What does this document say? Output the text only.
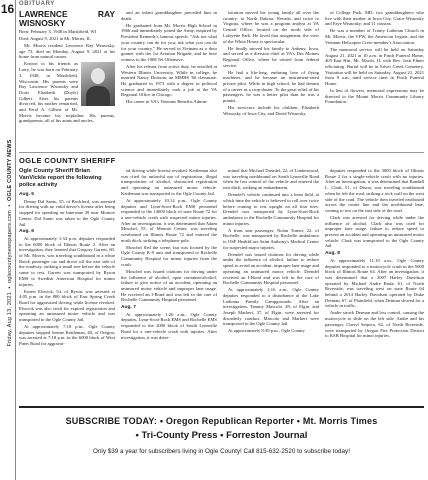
16
Friday, Aug 13, 2021  •  oglecountynewspapers.com  •  OGLE COUNTY NEWS
OBITUARY
LAWRENCE RAY WISNOSKY

Born: February 3, 1948 in Marshfield, WI

Died: August 9, 2021 in Mt. Morris, IL

Mt. Morris resident Lawrence Ray Wisnosky, age 73, died on Monday, August 9, 2021 at his home from natural causes.

Known to his friends as Larry, he was born on February 3, 1948, in Marshfield, Wisconsin. His parents were Ray Lawrence Wisnosky and Doris Elizabeth (Doyle) Gilbert. After his parents divorced, his mother remarried, and Feral A. Gilbert of Mt. Morris became his stepfather. His parents, grandparents, all of his aunts and uncles,

and an infant granddaughter preceded him in death.

He graduated from Mt. Morris High School in 1966 and immediately joined the Army, inspired by President Kennedy's famous speech: "Ask not what your country can do for you; ask what you can do for your country." He served in Vietnam as a door gunner with the 1st Aviation Brigade, and he bore witness to the 1968 Tet Offensive.

After his release from active duty, he enrolled at Western Illinois University. While in college, he married Nancy Dickson, an MMHS '66 classmate. He graduated in 1973 with a degree in political science and immediately took a job at the VA Regional Office in Chicago.

His career in VA's Veterans Benefits Admin-

istration moved his young family all over the country: to North Dakota, Nevada, and twice to Virginia, where he was a program analyst at VA Central Office, located on the north side of Lafayette Park. He loved that assignment; the view of the White House is spectacular.

He finally moved his family to Ankeny, Iowa, and served as a division chief at VA's Des Moines Regional Office, where he retired from federal service.

He had a life-long, enduring love of flying machines, and he became an instrument-rated private pilot. While in high school, he had dreamt of a career as a crop-duster. To the great relief of his passengers, he was a better pilot than he was a pianist.

His survivors include his children, Elizabeth Wisnosky of Iowa City, and David Wisnosky

of College Park, MD; two granddaughters who live with their mother in Iowa City, Grace Wisnosky and Faye Wisnosky; and 11 cousins.

He was a member of Trinity Lutheran Church in Mt. Morris, the VFW, the American Legion, and the Vietnam Helicopter Crew-member's Association.

The memorial service will be held on Saturday August 21, 2021 at 10 a.m. in Finch Funeral Home, 405 East Hitt, Mt. Morris, IL with Rev. Josh Elmer officiating. Burial will be in Silver Creek Cemetery. Visitation will be held on Saturday, August 21, 2021 from 9 a.m. until service time in Finch Funeral Home.

In lieu of flowers, memorial expressions may be directed to the Mount Morris Community Library Foundation.

OGLE COUNTY SHERIFF
Ogle County Sheriff Brian VanVickle report the following police activity
Aug. 5

Denny Dal Santo, 55, of Rockford, was arrested for driving with no valid driver's license after being stopped for speeding on Interstate 39 near Monroe Center. Dal Santo was taken to the Ogle County Jail.

Aug. 6

At approximately 1:34 p.m. deputies responded to the 6000 block of Illinois Route 2. After an investigation, they learned that Gregory Garrett, 60, of Mt. Morris, was traveling southbound in a white Buick passenger car and drove off the east side of the roadway, striking a small tree before the vehicle came to rest. Garrett was transported by Byron EMS to Swedish American Hospital for minor injuries.

Ernest Elswick, 54, of Byron, was arrested at 4:05 p.m. in the 800 block of East Spring Creek Road for aggravated driving while license revoked. Elswick was also cited for expired registration and operating an uninsured motor vehicle and was transported to the Ogle County Jail.

At approximately 7:18 p.m., Ogle County deputies stopped Jerime Kettleman, 40, of Oregon, was arrested at 7:18 p.m. in the 6000 block of West Pines Road for aggravat-

ed driving while license revoked. Kettleman also was cited for unlawful use of registration, illegal transportation of alcohol, obstructed registration and operating an uninsured motor vehicle. Kettleman was transported to the Ogle County Jail.

At approximately 10:14 p.m., Ogle County deputies and Lynn-Scott-Rock EMS personnel responded to the 14000 block of state Route 72 for a one-vehicle crash with suspected minor injuries. After an investigation, it was determined that Adam Moschel, 55, of Monroe Center, was traveling westbound on Illinois Route 72 and entered the north ditch, striking a telephone pole.

Moschel fled the scene, but was located by the Ogle County K-9 unit and transported to Rochelle Community Hospital for minor injuries from the crash.

Moschel was issued citations for driving under the influence of alcohol, open container/alcohol, failure to give notice of an accident, operating an uninsured motor vehicle and improper lane usage. He received an I-Bond and was left in the care of Rochelle Community Hospital personnel.

Aug. 7

At approximately 1:26 a.m., Ogle County deputies, Lynn-Scott-Rock EMS and Rochelle EMS responded to the 2000 block of South Lynnville Road for a one-vehicle crash with injuries. After investigation, it was deter-

mined that Michael Drendel, 22, of Lindenwood, was traveling northbound on South Lynnville Road when he lost control of the vehicle and entered the east ditch, striking an embankment.

Drendel's vehicle continued into a bean field, at which time the vehicle is believed to roll over twice before coming to rest upright on all four tires. Drendel was transported by Lynn-Scott-Rock ambulance to the Rochelle Community Hospital for minor injuries.

A front seat passenger, Nolan Turner, 22, of Rochelle, was transported by Rochelle ambulance to OSF HealthCare Saint Anthony's Medical Center for suspected major injuries.

Drendel was issued citations for driving while under the influence of alcohol, failure to reduce speed to avoid an accident, improper lane usage and operating an uninsured motor vehicle. Drendel received an I-Bond and was left in the care of Rochelle Community Hospital personnel.

At approximately 2:16 a.m., Ogle County deputies responded to a disturbance at the Lake Ladonna Family Campgrounds. After an investigation, Tammy Mascolo, 49, of Elgin, and Joseph Markert, 37, of Elgin, were arrested for disorderly conduct. Mascolo and Markert were transported to the Ogle County Jail.

At approximately 8:39 p.m., Ogle County

deputies responded to the 3000 block of Illinois Route 2 for a single-vehicle crash with no injuries. After an investigation, it was determined that Randall L. Clark, 51, of Dixon, was traveling southbound when he left the road, striking a rock wall on the west side of the road. The vehicle then traveled eastbound across the center line and the northbound lane, coming to rest on the east side of the road.

Clark was arrested for driving while under the influence of alcohol. Clark also was cited for improper lane usage, failure to reduce speed to prevent an accident and operating an uninsured motor vehicle. Clark was transported to the Ogle County Jail.

Aug. 8

At approximately 11:10 a.m., Ogle County deputies responded to a motorcycle crash in the 5000 block of Illinois Route 64. After an investigation, it was determined that a 2007 Harley Davidson operated by Michael Andre Ruda, 61, of North Riverside, was traveling west on state Route 64 behind a 2014 Harley Davidson operated by Duke Detman, 67, of Plainfield, when Detman slowed for a vehicle in traffic.

Andre struck Detman and lost control, causing the motorcycle to slide on the left side. Andre and his passenger, Cheryl Serpico, 62, of North Riverside, were transported by Oregon Fire Protection District to KSB Hospital for minor injuries.

SUBSCRIBE TODAY: • Oregon Republican Reporter • Mt. Morris Times
• Tri-County Press • Forreston Journal
Only $39 a year for subscribers living in Ogle County! Call 815-632-2520 to subscribe today!
